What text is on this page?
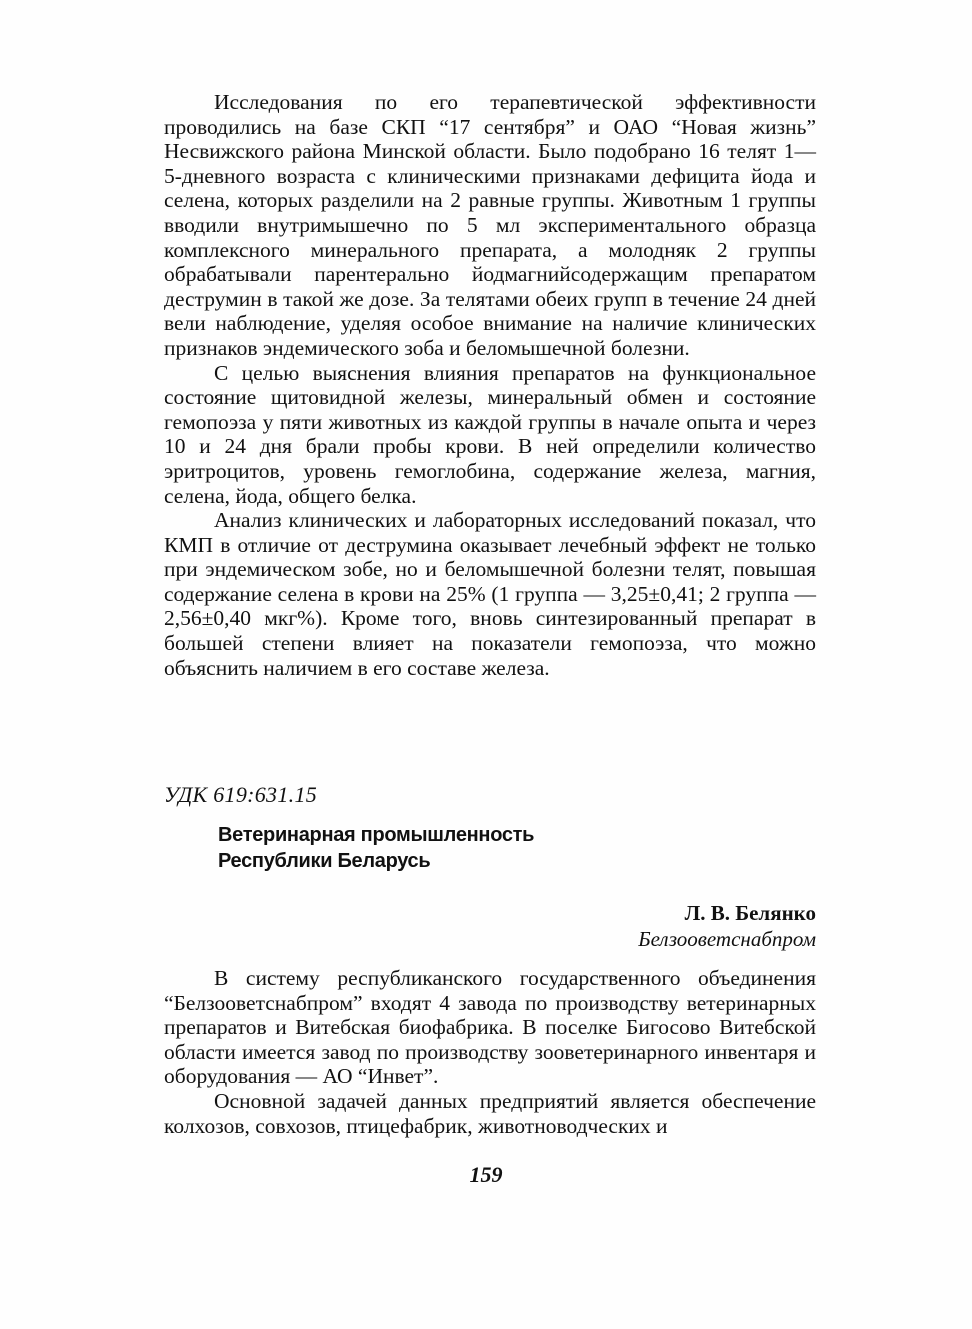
Исследования по его терапевтической эффективности проводились на базе СКП “17 сентября” и ОАО “Новая жизнь” Несвижского района Минской области. Было подобрано 16 телят 1—5-дневного возраста с клиническими признаками дефицита йода и селена, которых разделили на 2 равные группы. Животным 1 группы вводили внутримышечно по 5 мл экспериментального образца комплексного минерального препарата, а молодняк 2 группы обрабатывали парентерально йодмагнийсодержащим препаратом деструмин в такой же дозе. За телятами обеих групп в течение 24 дней вели наблюдение, уделяя особое внимание на наличие клинических признаков эндемического зоба и беломышечной болезни.

С целью выяснения влияния препаратов на функциональное состояние щитовидной железы, минеральный обмен и состояние гемопоэза у пяти животных из каждой группы в начале опыта и через 10 и 24 дня брали пробы крови. В ней определили количество эритроцитов, уровень гемоглобина, содержание железа, магния, селена, йода, общего белка.

Анализ клинических и лабораторных исследований показал, что КМП в отличие от деструмина оказывает лечебный эффект не только при эндемическом зобе, но и беломышечной болезни телят, повышая содержание селена в крови на 25% (1 группа — 3,25±0,41; 2 группа — 2,56±0,40 мкг%). Кроме того, вновь синтезированный препарат в большей степени влияет на показатели гемопоэза, что можно объяснить наличием в его составе железа.

УДК 619:631.15
Ветеринарная промышленность
Республики Беларусь
Л. В. Белянко
Белзооветснабпром

В систему республиканского государственного объединения “Белзооветснабпром” входят 4 завода по производству ветеринарных препаратов и Витебская биофабрика. В поселке Бигосово Витебской области имеется завод по производству зооветеринарного инвентаря и оборудования — АО “Инвет”.

Основной задачей данных предприятий является обеспечение колхозов, совхозов, птицефабрик, животноводческих и

159
